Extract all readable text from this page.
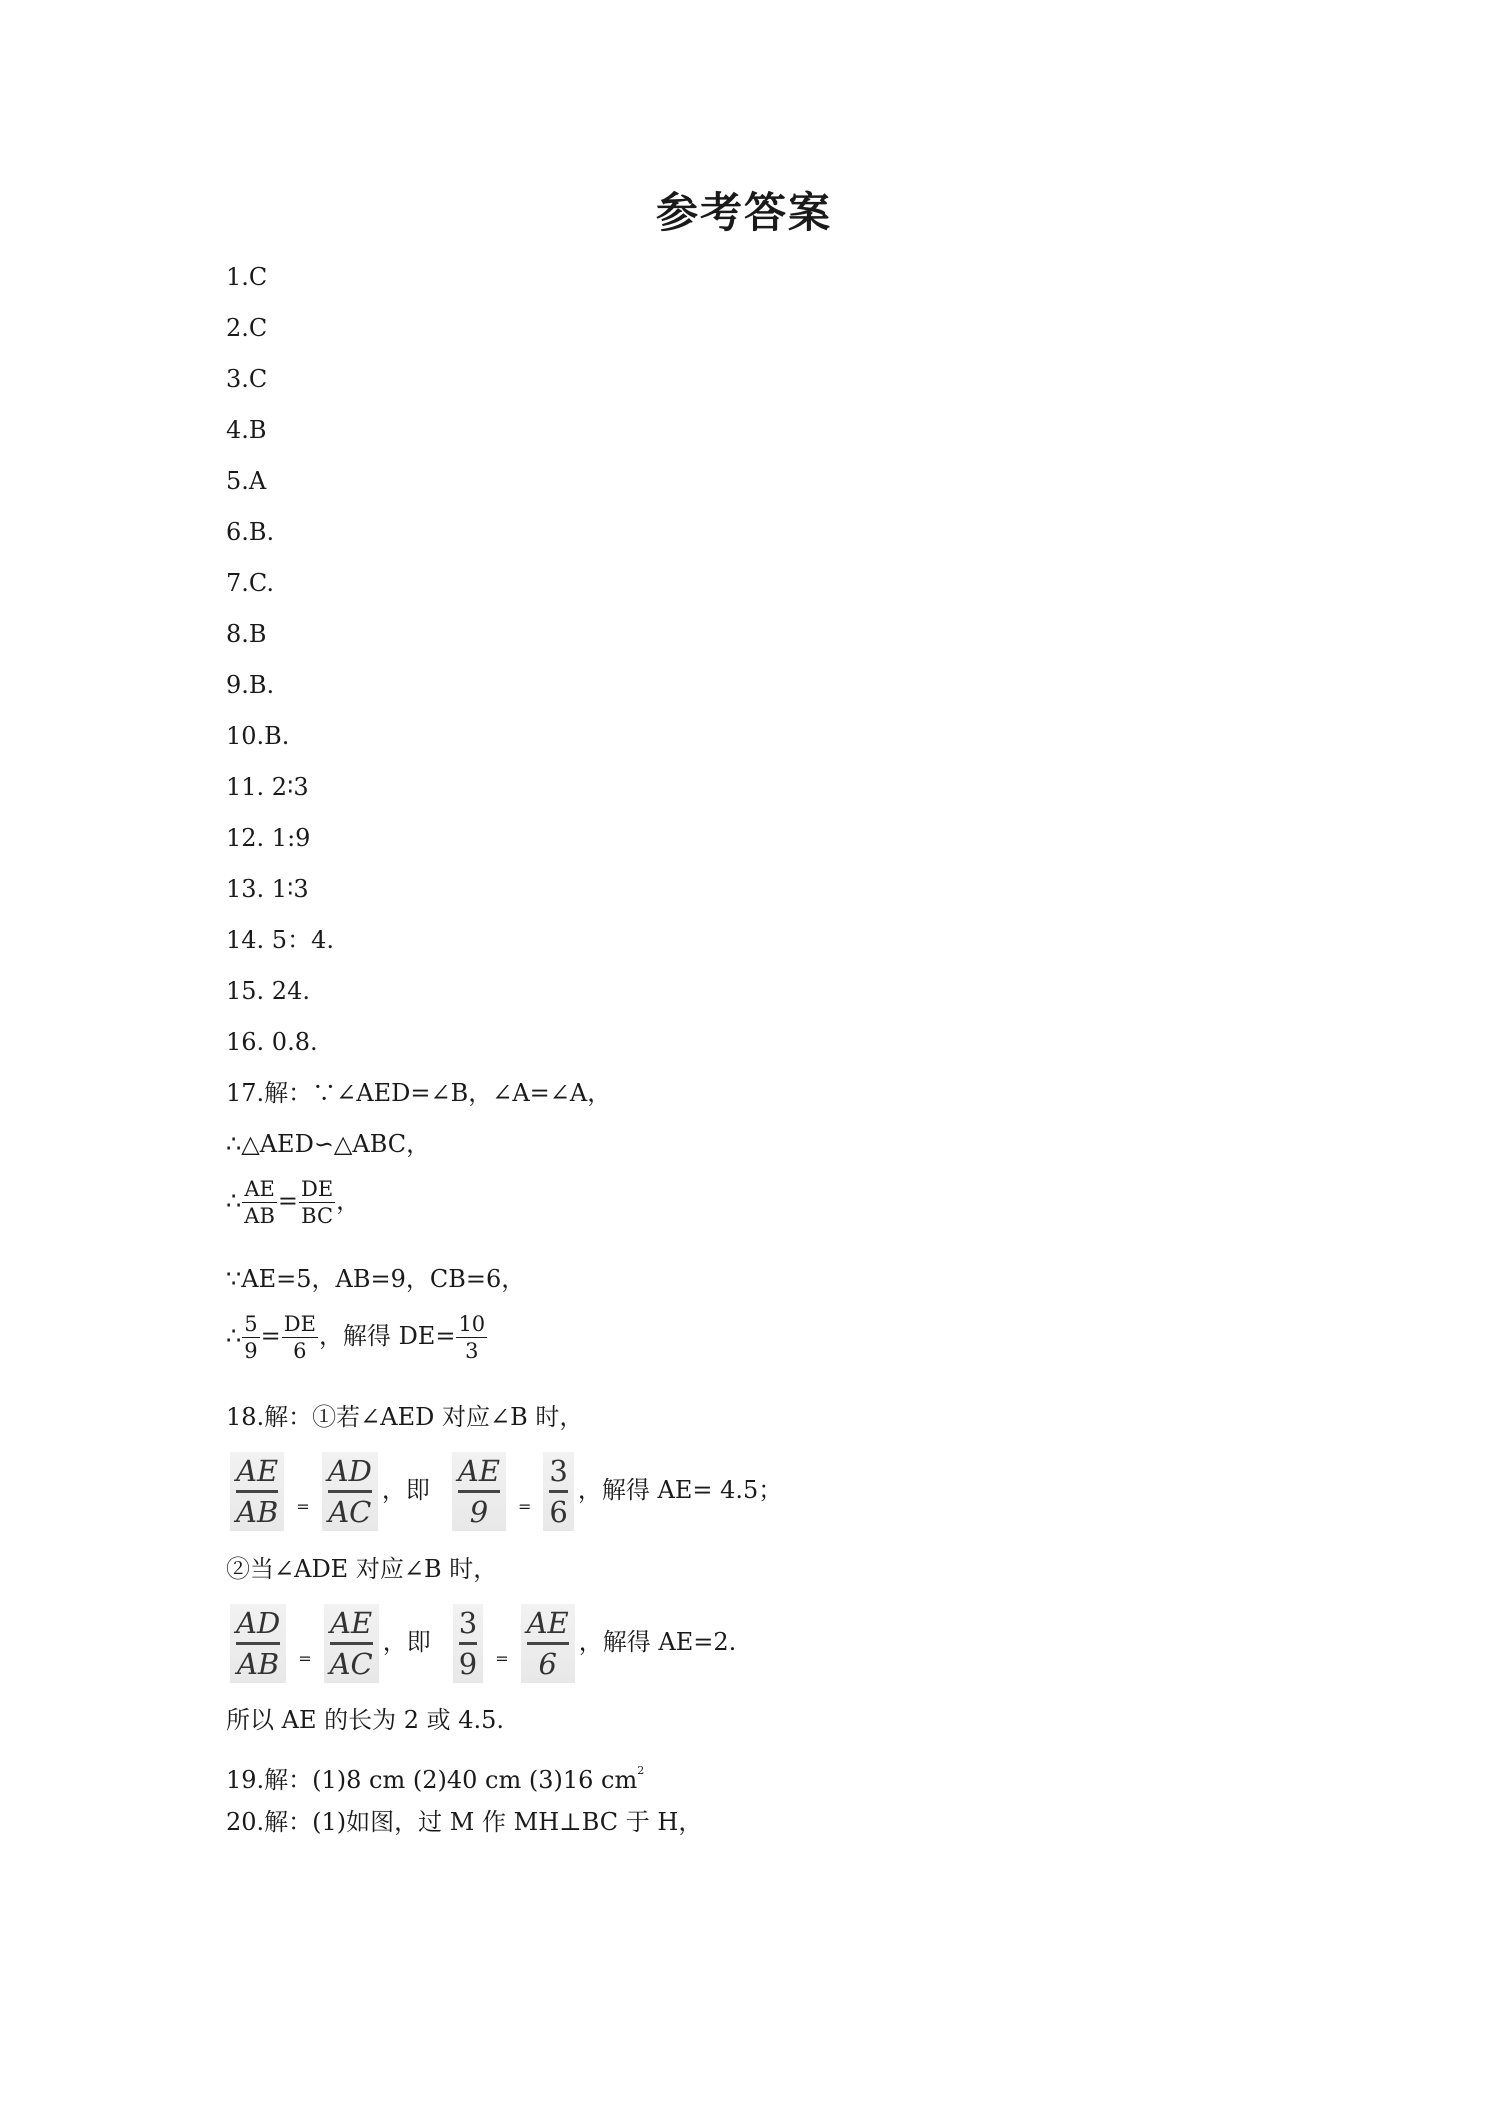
参考答案
1.C
2.C
3.C
4.B
5.A
6.B.
7.C.
8.B
9.B.
10.B.
11. 2∶3
12. 1:9
13. 1∶3
14. 5：4.
15. 24.
16. 0.8.
17.解：∵∠AED=∠B，∠A=∠A，
∴△AED∽△ABC，
∴ $\frac{AE}{AB} = \frac{DE}{BC}$ ，
∵AE=5，AB=9，CB=6，
∴ $\frac{5}{9} = \frac{DE}{6}$ ，解得 $DE= \frac{10}{3}$
18.解：①若∠AED 对应∠B 时，
$\frac{AE}{AB} _= \frac{AD}{AC}$ ，即 $\frac{AE}{9} _= \frac{3}{6}$ ，解得 AE= 4.5；
②当∠ADE 对应∠B 时，
$\frac{AD}{AB} _= \frac{AE}{AC}$ ，即 $\frac{3}{9} _= \frac{AE}{6}$ ，解得 AE=2.
所以 AE 的长为 2 或 4.5.
19.解：(1)8 cm (2)40 cm (3)16 $cm^2$
20.解：(1)如图，过 M 作 MH⊥BC 于 H，
